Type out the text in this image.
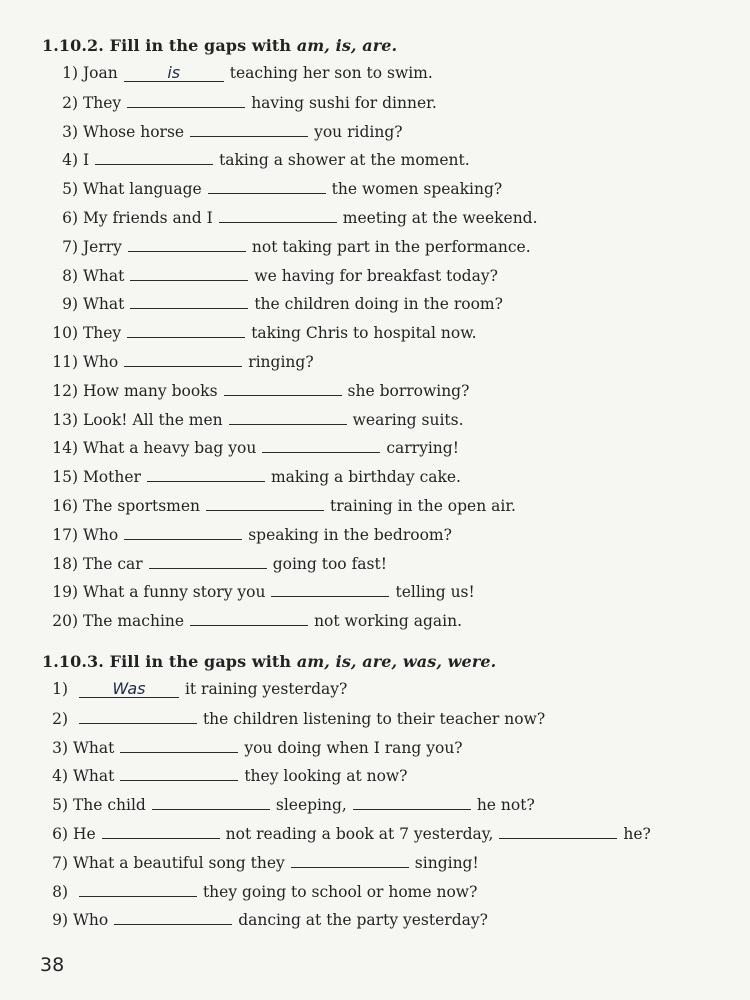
1.10.2. Fill in the gaps with am, is, are.
1) Joan	is	teaching her son to swim.
2) They	having sushi for dinner.
3) Whose horse	you riding?
4) I	taking a shower at the moment.
5) What language	the women speaking?
6) My friends and I	meeting at the weekend.
7) Jerry	not taking part in the performance.
8) What	we having for breakfast today?
9) What	the children doing in the room?
10) They	taking Chris to hospital now.
11) Who	ringing?
12) How many books	she borrowing?
13) Look! All the men	wearing suits.
14) What a heavy bag you	carrying!
15) Mother	making a birthday cake.
16) The sportsmen	training in the open air.
17) Who	speaking in the bedroom?
18) The car	going too fast!
19) What a funny story you	telling us!
20) The machine	not working again.
1.10.3. Fill in the gaps with am, is, are, was, were.
1)	Was	it raining yesterday?
2)	the children listening to their teacher now?
3) What	you doing when I rang you?
4) What	they looking at now?
5) The child	sleeping,	he not?
6) He	not reading a book at 7 yesterday,	he?
7) What a beautiful song they	singing!
8)	they going to school or home now?
9) Who	dancing at the party yesterday?
38
